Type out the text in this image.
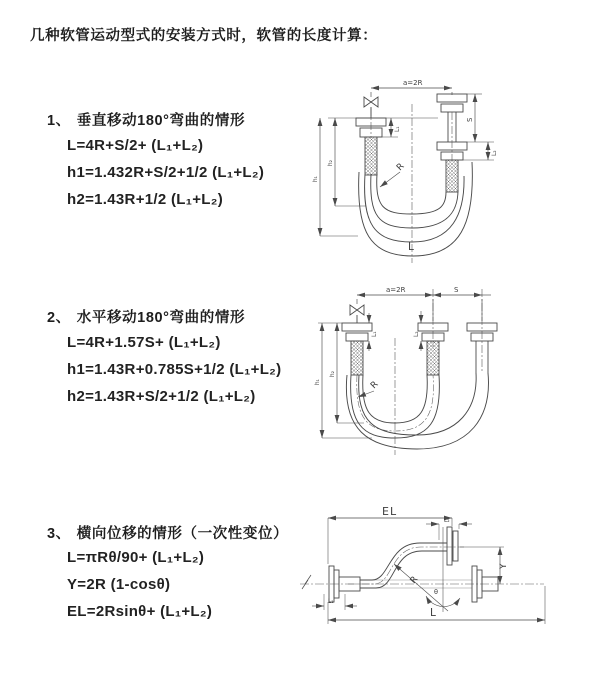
几种软管运动型式的安装方式时，软管的长度计算：
1、 垂直移动180°弯曲的情形
L=4R+S/2+ (L₁+L₂)
h1=1.432R+S/2+1/2 (L₁+L₂)
h2=1.43R+1/2 (L₁+L₂)
2、 水平移动180°弯曲的情形
L=4R+1.57S+ (L₁+L₂)
h1=1.43R+0.785S+1/2 (L₁+L₂)
h2=1.43R+S/2+1/2 (L₁+L₂)
3、 横向位移的情形（一次性变位）
L=πRθ/90+ (L₁+L₂)
Y=2R (1-cosθ)
EL=2Rsinθ+ (L₁+L₂)
a=2R
h₁
h₂
L₁
S
L₂
R
L
a=2R	S
h₁
h₂
L₁	L₂
R
EL
L₂
Y
R
θ
L
L₁
